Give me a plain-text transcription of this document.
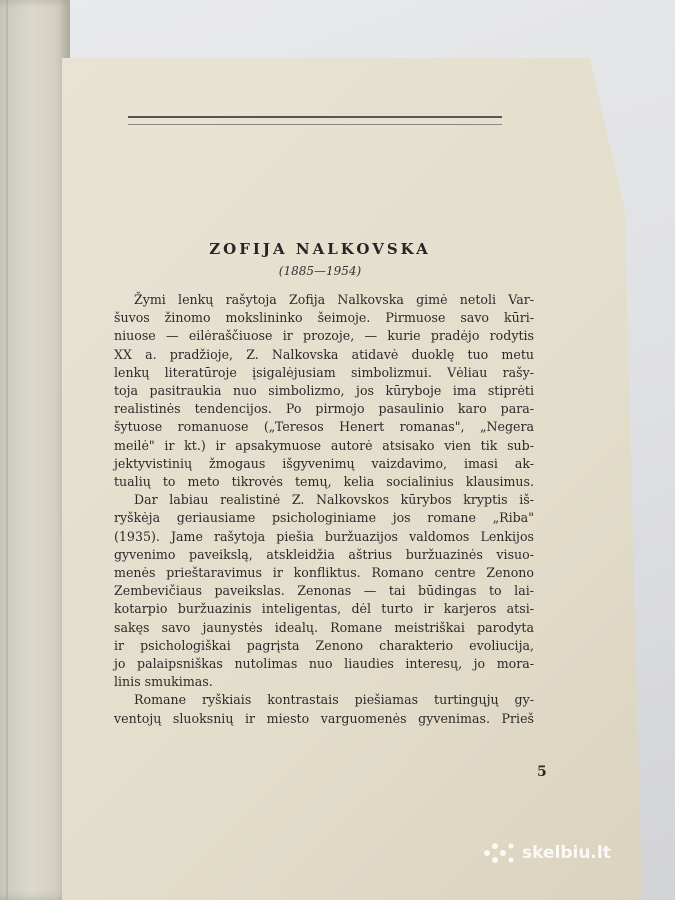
ZOFIJA NALKOVSKA
(1885—1954)
Žymi lenkų rašytoja Zofija Nalkovska gimė netoli Var-
šuvos žinomo mokslininko šeimoje. Pirmuose savo kūri-
niuose — eilėraščiuose ir prozoje, — kurie pradėjo rodytis
XX a. pradžioje, Z. Nalkovska atidavė duoklę tuo metu
lenkų literatūroje įsigalėjusiam simbolizmui. Vėliau rašy-
toja pasitraukia nuo simbolizmo, jos kūryboje ima stiprėti
realistinės tendencijos. Po pirmojo pasaulinio karo para-
šytuose romanuose („Teresos Henert romanas", „Negera
meilė" ir kt.) ir apsakymuose autorė atsisako vien tik sub-
jektyvistinių žmogaus išgyvenimų vaizdavimo, imasi ak-
tualių to meto tikrovės temų, kelia socialinius klausimus.
Dar labiau realistinė Z. Nalkovskos kūrybos kryptis iš-
ryškėja geriausiame psichologiniame jos romane „Riba"
(1935). Jame rašytoja piešia buržuazijos valdomos Lenkijos
gyvenimo paveikslą, atskleidžia aštrius buržuazinės visuo-
menės prieštaravimus ir konfliktus. Romano centre Zenono
Zembevičiaus paveikslas. Zenonas — tai būdingas to lai-
kotarpio buržuazinis inteligentas, dėl turto ir karjeros atsi-
sakęs savo jaunystės idealų. Romane meistriškai parodyta
ir psichologiškai pagrįsta Zenono charakterio evoliucija,
jo palaipsniškas nutolimas nuo liaudies interesų, jo mora-
linis smukimas.
Romane ryškiais kontrastais piešiamas turtingųjų gy-
ventojų sluoksnių ir miesto varguomenės gyvenimas. Prieš
5
skelbiu.lt
